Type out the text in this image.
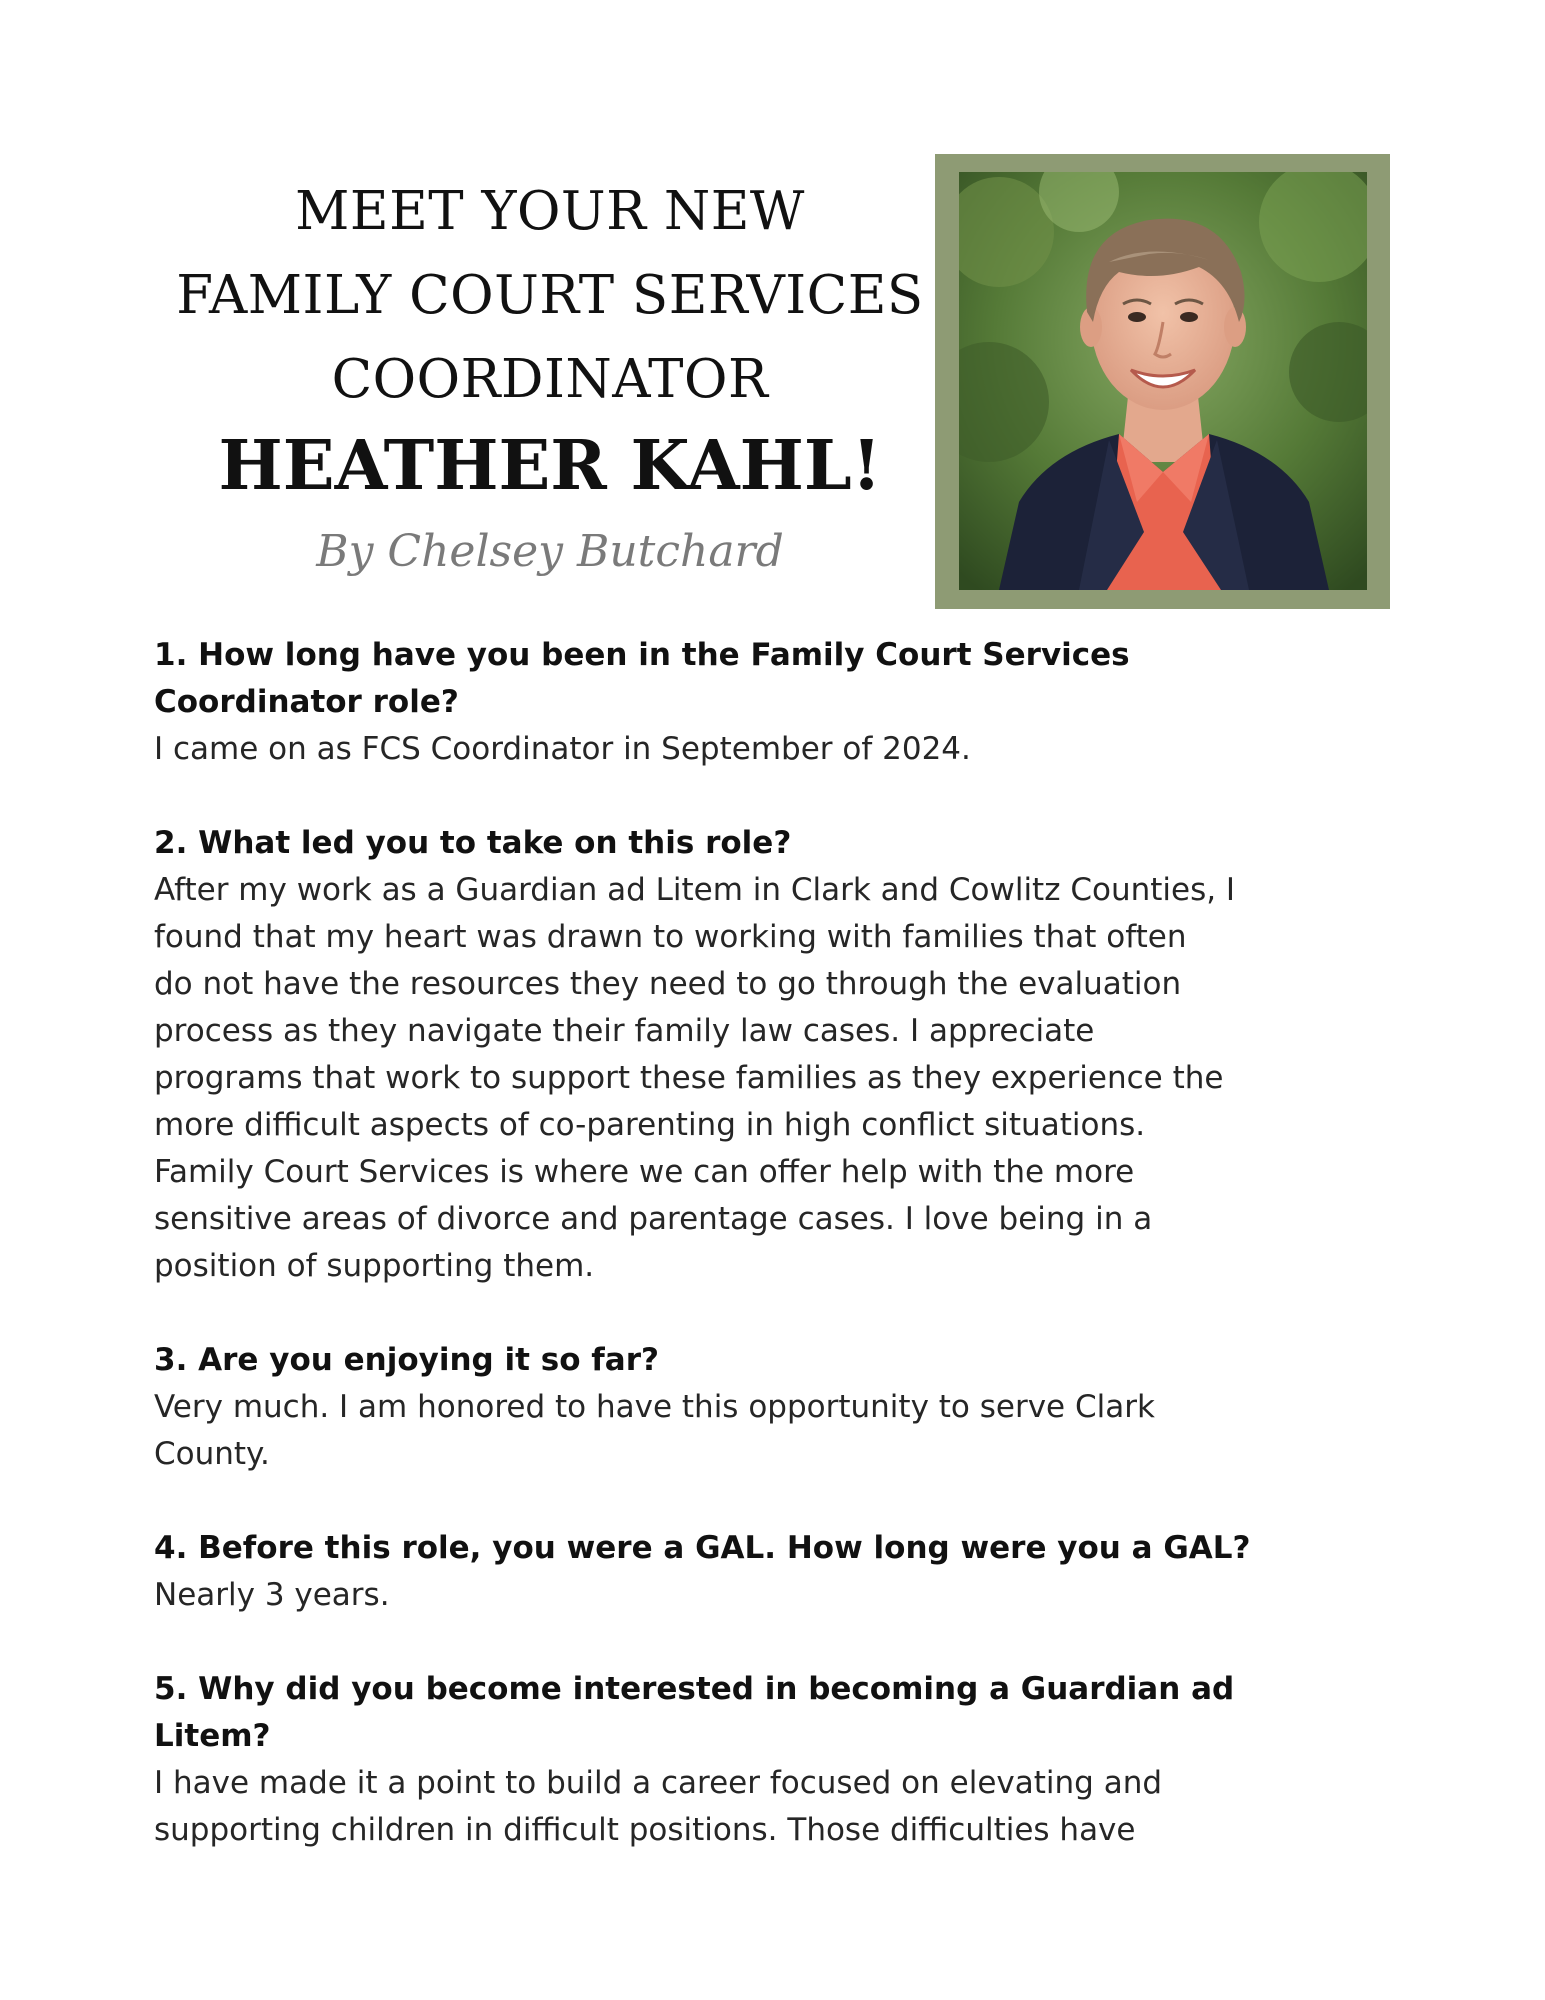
MEET YOUR NEW
FAMILY COURT SERVICES
COORDINATOR
HEATHER KAHL!
By Chelsey Butchard

1. How long have you been in the Family Court Services
Coordinator role?

I came on as FCS Coordinator in September of 2024.

2. What led you to take on this role?

After my work as a Guardian ad Litem in Clark and Cowlitz Counties, I
found that my heart was drawn to working with families that often
do not have the resources they need to go through the evaluation
process as they navigate their family law cases. I appreciate
programs that work to support these families as they experience the
more difficult aspects of co-parenting in high conflict situations.
Family Court Services is where we can offer help with the more
sensitive areas of divorce and parentage cases. I love being in a
position of supporting them.

3. Are you enjoying it so far?

Very much. I am honored to have this opportunity to serve Clark
County.

4. Before this role, you were a GAL. How long were you a GAL?

Nearly 3 years.

5. Why did you become interested in becoming a Guardian ad
Litem?

I have made it a point to build a career focused on elevating and
supporting children in difficult positions. Those difficulties have
